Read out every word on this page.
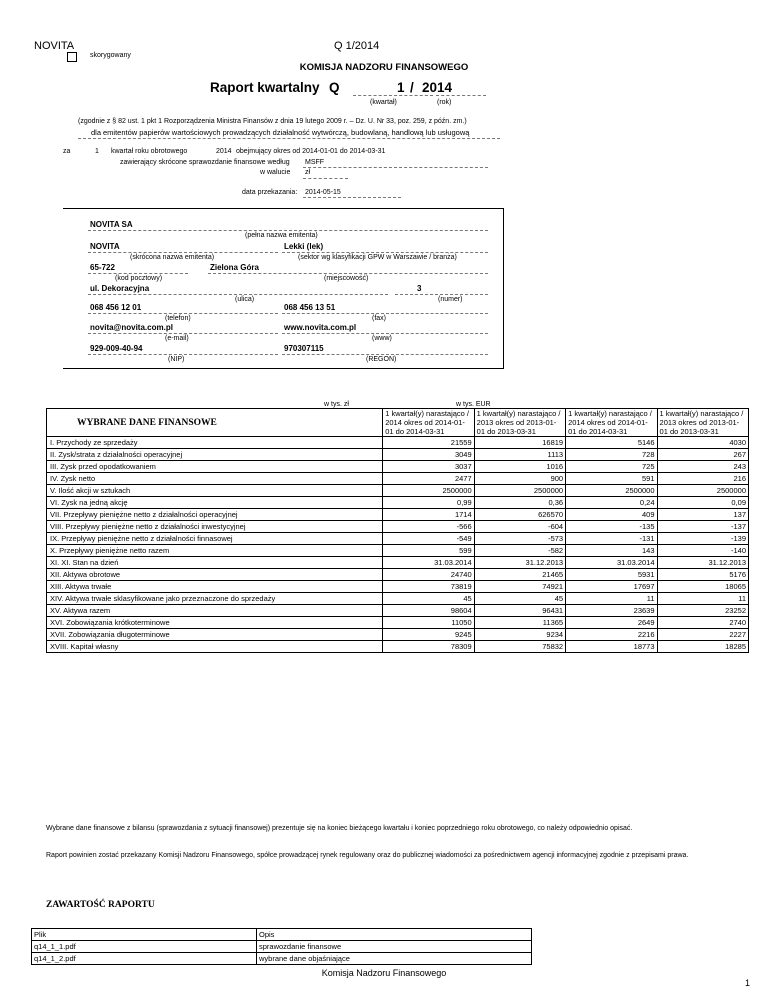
NOVITA	Q 1/2014
skorygowany
KOMISJA NADZORU FINANSOWEGO
Raport kwartalny Q	1 / 2014
(kwartał)	(rok)
(zgodnie z § 82 ust. 1 pkt 1 Rozporządzenia Ministra Finansów z dnia 19 lutego 2009 r. – Dz. U. Nr 33, poz. 259, z późn. zm.)
dla emitentów papierów wartościowych prowadzących działalność wytwórczą, budowlaną, handlową lub usługową
za	1 kwartał roku obrotowego	2014 obejmujący okres od 2014-01-01 do 2014-03-31
zawierający skrócone sprawozdanie finansowe według MSFF
w walucie zł
data przekazania: 2014-05-15
NOVITA SA
(pełna nazwa emitenta)
NOVITA	Lekki (lek)
(skrócona nazwa emitenta)	(sektor wg klasyfikacji GPW w Warszawie / branża)
65-722	Zielona Góra
(kod pocztowy)	(miejscowość)
ul. Dekoracyjna	3
(ulica)	(numer)
068 456 12 01	068 456 13 51
(telefon)	(fax)
novita@novita.com.pl	www.novita.com.pl
(e-mail)	(www)
929-009-40-94	970307115
(NIP)	(REGON)
w tys. zł	w tys. EUR
WYBRANE DANE FINANSOWE	1 kwartał(y) narastająco / 2014 okres od 2014-01-01 do 2014-03-31	1 kwartał(y) narastająco / 2013 okres od 2013-01-01 do 2013-03-31	1 kwartał(y) narastająco / 2014 okres od 2014-01-01 do 2014-03-31	1 kwartał(y) narastająco / 2013 okres od 2013-01-01 do 2013-03-31
I. Przychody ze sprzedaży	21559	16819	5146	4030
II. Zysk/strata z działalności operacyjnej	3049	1113	728	267
III. Zysk przed opodatkowaniem	3037	1016	725	243
IV. Zysk netto	2477	900	591	216
V. Ilość akcji w sztukach	2500000	2500000	2500000	2500000
VI. Zysk na jedną akcję	0,99	0,36	0,24	0,09
VII. Przepływy pieniężne netto z działalności operacyjnej	1714	626570	409	137
VIII. Przepływy pieniężne netto z działalności inwestycyjnej	-566	-604	-135	-137
IX. Przepływy pieniężne netto z działalności finnasowej	-549	-573	-131	-139
X. Przepływy pieniężne netto razem	599	-582	143	-140
XI. XI. Stan na dzień	31.03.2014	31.12.2013	31.03.2014	31.12.2013
XII. Aktywa obrotowe	24740	21465	5931	5176
XIII. Aktywa trwałe	73819	74921	17697	18065
XIV. Aktywa trwałe sklasyfikowane jako przeznaczone do sprzedaży	45	45	11	11
XV. Aktywa razem	98604	96431	23639	23252
XVI. Zobowiązania krótkoterminowe	11050	11365	2649	2740
XVII. Zobowiązania długoterminowe	9245	9234	2216	2227
XVIII. Kapitał własny	78309	75832	18773	18285
Wybrane dane finansowe z bilansu (sprawozdania z sytuacji finansowej) prezentuje się na koniec bieżącego kwartału i koniec poprzedniego roku obrotowego, co należy odpowiednio opisać.
Raport powinien zostać przekazany Komisji Nadzoru Finansowego, spółce prowadzącej rynek regulowany oraz do publicznej wiadomości za pośrednictwem agencji informacyjnej zgodnie z przepisami prawa.
ZAWARTOŚĆ RAPORTU
Plik	Opis
q14_1_1.pdf	sprawozdanie finansowe
q14_1_2.pdf	wybrane dane objaśniające
Komisja Nadzoru Finansowego
1
